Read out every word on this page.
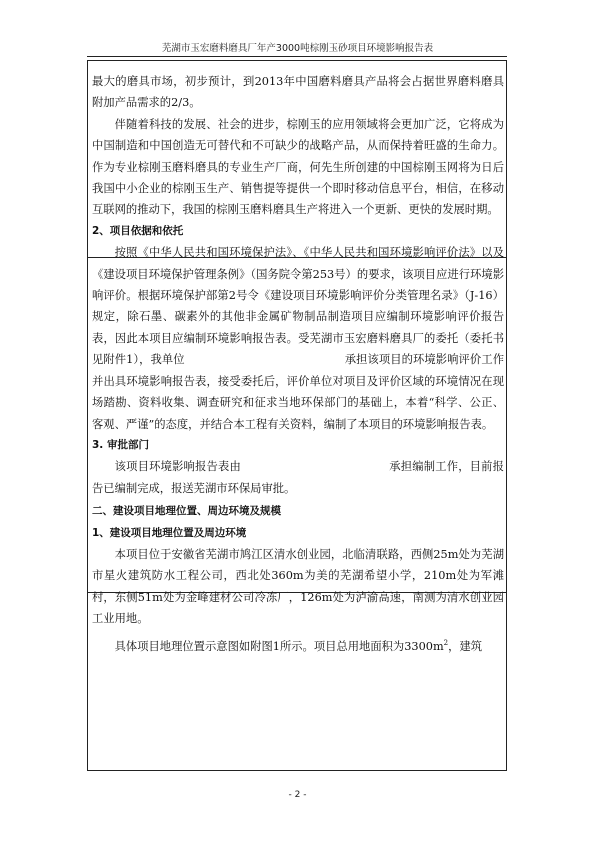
芜湖市玉宏磨料磨具厂年产3000吨棕刚玉砂项目环境影响报告表

最大的磨具市场，初步预计，到2013年中国磨料磨具产品将会占据世界磨料磨具附加产品需求的2/3。

伴随着科技的发展、社会的进步，棕刚玉的应用领域将会更加广泛，它将成为中国制造和中国创造无可替代和不可缺少的战略产品，从而保持着旺盛的生命力。作为专业棕刚玉磨料磨具的专业生产厂商，何先生所创建的中国棕刚玉网将为日后我国中小企业的棕刚玉生产、销售提等提供一个即时移动信息平台，相信，在移动互联网的推动下，我国的棕刚玉磨料磨具生产将进入一个更新、更快的发展时期。

2、项目依据和依托

按照《中华人民共和国环境保护法》、《中华人民共和国环境影响评价法》以及《建设项目环境保护管理条例》（国务院令第253号）的要求，该项目应进行环境影响评价。根据环境保护部第2号令《建设项目环境影响评价分类管理名录》（J-16）规定，除石墨、碳素外的其他非金属矿物制品制造项目应编制环境影响评价报告表，因此本项目应编制环境影响报告表。受芜湖市玉宏磨料磨具厂的委托（委托书见附件1），我单位	承担该项目的环境影响评价工作并出具环境影响报告表，接受委托后，评价单位对项目及评价区域的环境情况在现场踏勘、资料收集、调查研究和征求当地环保部门的基础上，本着“科学、公正、客观、严谨”的态度，并结合本工程有关资料，编制了本项目的环境影响报告表。

3. 审批部门

该项目环境影响报告表由	承担编制工作，目前报告已编制完成，报送芜湖市环保局审批。

二、建设项目地理位置、周边环境及规模

1、建设项目地理位置及周边环境

本项目位于安徽省芜湖市鸠江区清水创业园，北临清联路，西侧25m处为芜湖市星火建筑防水工程公司，西北处360m为美的芜湖希望小学，210m处为军滩村，东侧51m处为金峰建材公司冷冻厂，126m处为泸渝高速，南测为清水创业园工业用地。

具体项目地理位置示意图如附图1所示。项目总用地面积为$3300m^2$，建筑

- 2 -
